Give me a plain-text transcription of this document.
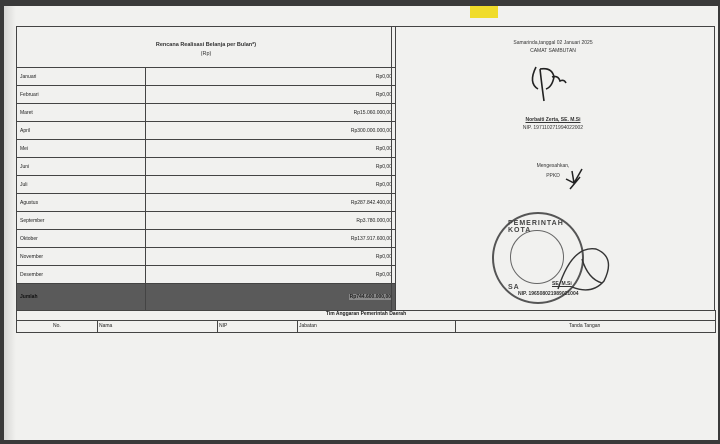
Rencana Realisasi Belanja per Bulan*)
(Rp)
Januari	Rp0,00
Februari	Rp0,00
Maret	Rp15.060.000,00
April	Rp300.000.000,00
Mei	Rp0,00
Juni	Rp0,00
Juli	Rp0,00
Agustus	Rp287.842.400,00
September	Rp3.780.000,00
Oktober	Rp137.917.600,00
November	Rp0,00
Desember	Rp0,00
Jumlah	Rp744.600.000,00
Samarinda,tanggal 02 Januari 2025
CAMAT SAMBUTAN
Norbaiti Zerta, SE. M.Si
NIP. 197110271994022002
Mengesahkan,
PPKD
PEMERINTAH KOTA
SA	SE. M.Si
NIP. 196508021989021004
Tim Anggaran Pemerintah Daerah
No.	Nama	NIP	Jabatan	Tanda Tangan
